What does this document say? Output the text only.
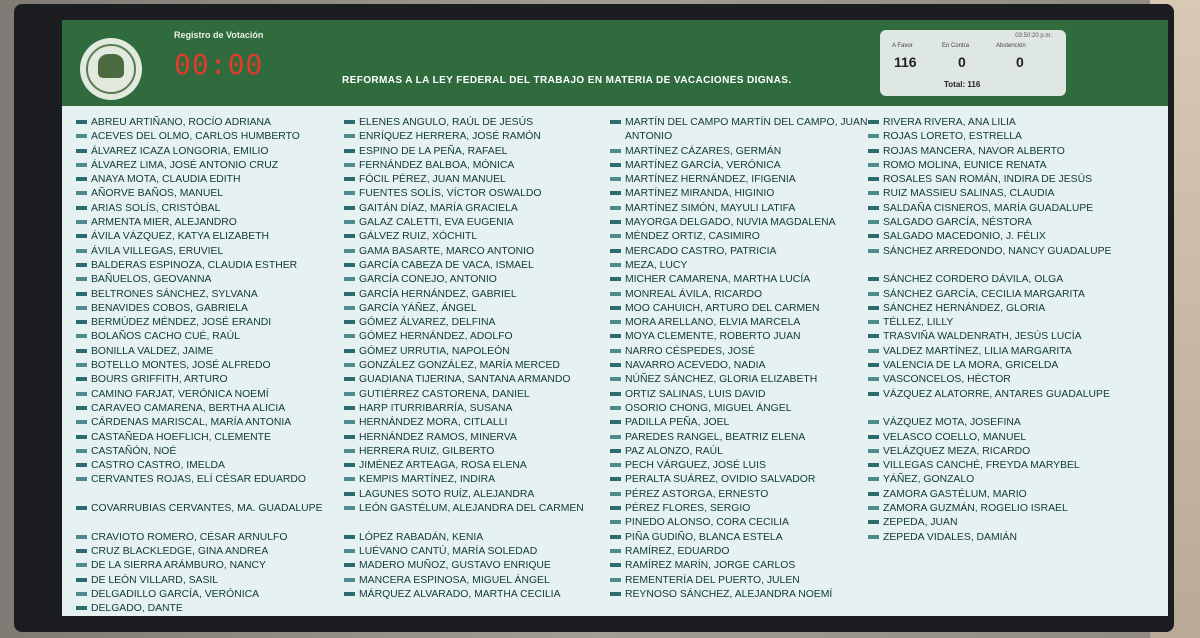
Registro de Votación
00:00	REFORMAS A LA LEY FEDERAL DEL TRABAJO EN MATERIA DE VACACIONES DIGNAS.
03:50:20 p.m.
A Favor	En Contra	Abstención
116	0	0
Total: 116
ABREU ARTIÑANO, ROCÍO ADRIANA
ACEVES DEL OLMO, CARLOS HUMBERTO
ÁLVAREZ ICAZA LONGORIA, EMILIO
ÁLVAREZ LIMA, JOSÉ ANTONIO CRUZ
ANAYA MOTA, CLAUDIA EDITH
AÑORVE BAÑOS, MANUEL
ARIAS SOLÍS, CRISTÓBAL
ARMENTA MIER, ALEJANDRO
ÁVILA VÁZQUEZ, KATYA ELIZABETH
ÁVILA VILLEGAS, ERUVIEL
BALDERAS ESPINOZA, CLAUDIA ESTHER
BAÑUELOS, GEOVANNA
BELTRONES SÁNCHEZ, SYLVANA
BENAVIDES COBOS, GABRIELA
BERMÚDEZ MÉNDEZ, JOSÉ ERANDI
BOLAÑOS CACHO CUÉ, RAÚL
BONILLA VALDEZ, JAIME
BOTELLO MONTES, JOSÉ ALFREDO
BOURS GRIFFITH, ARTURO
CAMINO FARJAT, VERÓNICA NOEMÍ
CARAVEO CAMARENA, BERTHA ALICIA
CÁRDENAS MARISCAL, MARÍA ANTONIA
CASTAÑEDA HOEFLICH, CLEMENTE
CASTAÑÓN, NOÉ
CASTRO CASTRO, IMELDA
CERVANTES ROJAS, ELÍ CÉSAR EDUARDO
COVARRUBIAS CERVANTES, MA. GUADALUPE
CRAVIOTO ROMERO, CÉSAR ARNULFO
CRUZ BLACKLEDGE, GINA ANDREA
DE LA SIERRA ARÁMBURO, NANCY
DE LEÓN VILLARD, SASIL
DELGADILLO GARCÍA, VERÓNICA
DELGADO, DANTE
ELENES ANGULO, RAÚL DE JESÚS
ENRÍQUEZ HERRERA, JOSÉ RAMÓN
ESPINO DE LA PEÑA, RAFAEL
FERNÁNDEZ BALBOA, MÓNICA
FÓCIL PÉREZ, JUAN MANUEL
FUENTES SOLÍS, VÍCTOR OSWALDO
GAITÁN DÍAZ, MARÍA GRACIELA
GALAZ CALETTI, EVA EUGENIA
GÁLVEZ RUIZ, XÓCHITL
GAMA BASARTE, MARCO ANTONIO
GARCÍA CABEZA DE VACA, ISMAEL
GARCÍA CONEJO, ANTONIO
GARCÍA HERNÁNDEZ, GABRIEL
GARCÍA YÁÑEZ, ÁNGEL
GÓMEZ ÁLVAREZ, DELFINA
GÓMEZ HERNÁNDEZ, ADOLFO
GÓMEZ URRUTIA, NAPOLEÓN
GONZÁLEZ GONZÁLEZ, MARÍA MERCED
GUADIANA TIJERINA, SANTANA ARMANDO
GUTIÉRREZ CASTORENA, DANIEL
HARP ITURRIBARRÍA, SUSANA
HERNÁNDEZ MORA, CITLALLI
HERNÁNDEZ RAMOS, MINERVA
HERRERA RUIZ, GILBERTO
JIMÉNEZ ARTEAGA, ROSA ELENA
KEMPIS MARTÍNEZ, INDIRA
LAGUNES SOTO RUÍZ, ALEJANDRA
LEÓN GASTÉLUM, ALEJANDRA DEL CARMEN
LÓPEZ RABADÁN, KENIA
LUÉVANO CANTÚ, MARÍA SOLEDAD
MADERO MUÑOZ, GUSTAVO ENRIQUE
MANCERA ESPINOSA, MIGUEL ÁNGEL
MÁRQUEZ ALVARADO, MARTHA CECILIA
MARTÍN DEL CAMPO MARTÍN DEL CAMPO, JUAN ANTONIO
MARTÍNEZ CÁZARES, GERMÁN
MARTÍNEZ GARCÍA, VERÓNICA
MARTÍNEZ HERNÁNDEZ, IFIGENIA
MARTÍNEZ MIRANDA, HIGINIO
MARTÍNEZ SIMÓN, MAYULI LATIFA
MAYORGA DELGADO, NUVIA MAGDALENA
MÉNDEZ ORTIZ, CASIMIRO
MERCADO CASTRO, PATRICIA
MEZA, LUCY
MICHER CAMARENA, MARTHA LUCÍA
MONREAL ÁVILA, RICARDO
MOO CAHUICH, ARTURO DEL CARMEN
MORA ARELLANO, ELVIA MARCELA
MOYA CLEMENTE, ROBERTO JUAN
NARRO CÉSPEDES, JOSÉ
NAVARRO ACEVEDO, NADIA
NÚÑEZ SÁNCHEZ, GLORIA ELIZABETH
ORTIZ SALINAS, LUIS DAVID
OSORIO CHONG, MIGUEL ÁNGEL
PADILLA PEÑA, JOEL
PAREDES RANGEL, BEATRIZ ELENA
PAZ ALONZO, RAÚL
PECH VÁRGUEZ, JOSÉ LUIS
PERALTA SUÁREZ, OVIDIO SALVADOR
PÉREZ ASTORGA, ERNESTO
PÉREZ FLORES, SERGIO
PINEDO ALONSO, CORA CECILIA
PIÑA GUDIÑO, BLANCA ESTELA
RAMÍREZ, EDUARDO
RAMÍREZ MARÍN, JORGE CARLOS
REMENTERÍA DEL PUERTO, JULEN
REYNOSO SÁNCHEZ, ALEJANDRA NOEMÍ
RIVERA RIVERA, ANA LILIA
ROJAS LORETO, ESTRELLA
ROJAS MANCERA, NAVOR ALBERTO
ROMO MOLINA, EUNICE RENATA
ROSALES SAN ROMÁN, INDIRA DE JESÚS
RUIZ MASSIEU SALINAS, CLAUDIA
SALDAÑA CISNEROS, MARÍA GUADALUPE
SALGADO GARCÍA, NÉSTORA
SALGADO MACEDONIO, J. FÉLIX
SÁNCHEZ ARREDONDO, NANCY GUADALUPE
SÁNCHEZ CORDERO DÁVILA, OLGA
SÁNCHEZ GARCÍA, CECILIA MARGARITA
SÁNCHEZ HERNÁNDEZ, GLORIA
TÉLLEZ, LILLY
TRASVIÑA WALDENRATH, JESÚS LUCÍA
VALDEZ MARTÍNEZ, LILIA MARGARITA
VALENCIA DE LA MORA, GRICELDA
VASCONCELOS, HÉCTOR
VÁZQUEZ ALATORRE, ANTARES GUADALUPE
VÁZQUEZ MOTA, JOSEFINA
VELASCO COELLO, MANUEL
VELÁZQUEZ MEZA, RICARDO
VILLEGAS CANCHÉ, FREYDA MARYBEL
YÁÑEZ, GONZALO
ZAMORA GASTÉLUM, MARIO
ZAMORA GUZMÁN, ROGELIO ISRAEL
ZEPEDA, JUAN
ZEPEDA VIDALES, DAMIÁN
